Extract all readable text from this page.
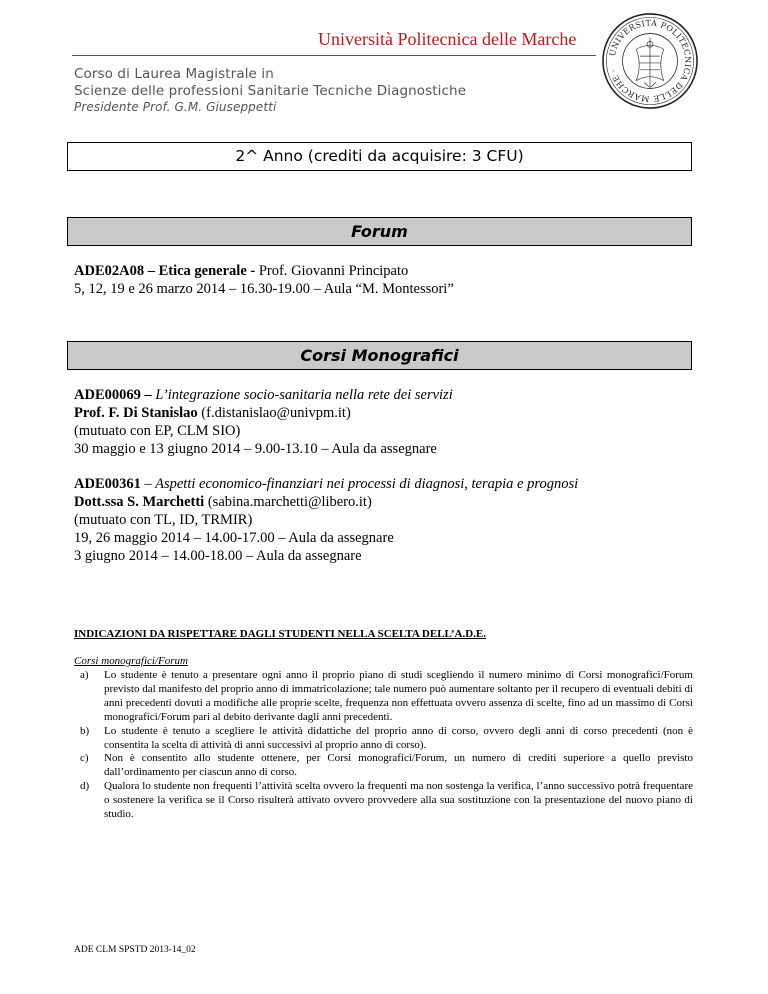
Università Politecnica delle Marche
Corso di Laurea Magistrale in
Scienze delle professioni Sanitarie Tecniche Diagnostiche
Presidente Prof. G.M. Giuseppetti
UNIVERSITÀ POLITECNICA DELLE MARCHE ·
2^ Anno (crediti da acquisire: 3 CFU)
Forum
ADE02A08 – Etica generale - Prof. Giovanni Principato
5, 12, 19 e 26 marzo 2014 – 16.30-19.00 – Aula “M. Montessori”
Corsi Monografici
ADE00069 – L’integrazione socio-sanitaria nella rete dei servizi
Prof. F. Di Stanislao (f.distanislao@univpm.it)
(mutuato con EP, CLM SIO)
30 maggio e 13 giugno 2014 – 9.00-13.10 – Aula da assegnare
ADE00361 – Aspetti economico-finanziari nei processi di diagnosi, terapia e prognosi
Dott.ssa S. Marchetti (sabina.marchetti@libero.it)
(mutuato con TL, ID, TRMIR)
19, 26 maggio 2014 – 14.00-17.00 – Aula da assegnare
3 giugno 2014 – 14.00-18.00 – Aula da assegnare
INDICAZIONI DA RISPETTARE DAGLI STUDENTI NELLA SCELTA DELL’A.D.E.
Corsi monografici/Forum
a) Lo studente è tenuto a presentare ogni anno il proprio piano di studi scegliendo il numero minimo di Corsi monografici/Forum previsto dal manifesto del proprio anno di immatricolazione; tale numero può aumentare soltanto per il recupero di eventuali debiti di anni precedenti dovuti a modifiche alle proprie scelte, frequenza non effettuata ovvero assenza di scelte, fino ad un massimo di Corsi monografici/Forum pari al debito derivante dagli anni precedenti.
b) Lo studente è tenuto a scegliere le attività didattiche del proprio anno di corso, ovvero degli anni di corso precedenti (non è consentita la scelta di attività di anni successivi al proprio anno di corso).
c) Non è consentito allo studente ottenere, per Corsi monografici/Forum, un numero di crediti superiore a quello previsto dall’ordinamento per ciascun anno di corso.
d) Qualora lo studente non frequenti l’attività scelta ovvero la frequenti ma non sostenga la verifica, l’anno successivo potrà frequentare o sostenere la verifica se il Corso risulterà attivato ovvero provvedere alla sua sostituzione con la presentazione del nuovo piano di studio.
ADE CLM SPSTD 2013-14_02
